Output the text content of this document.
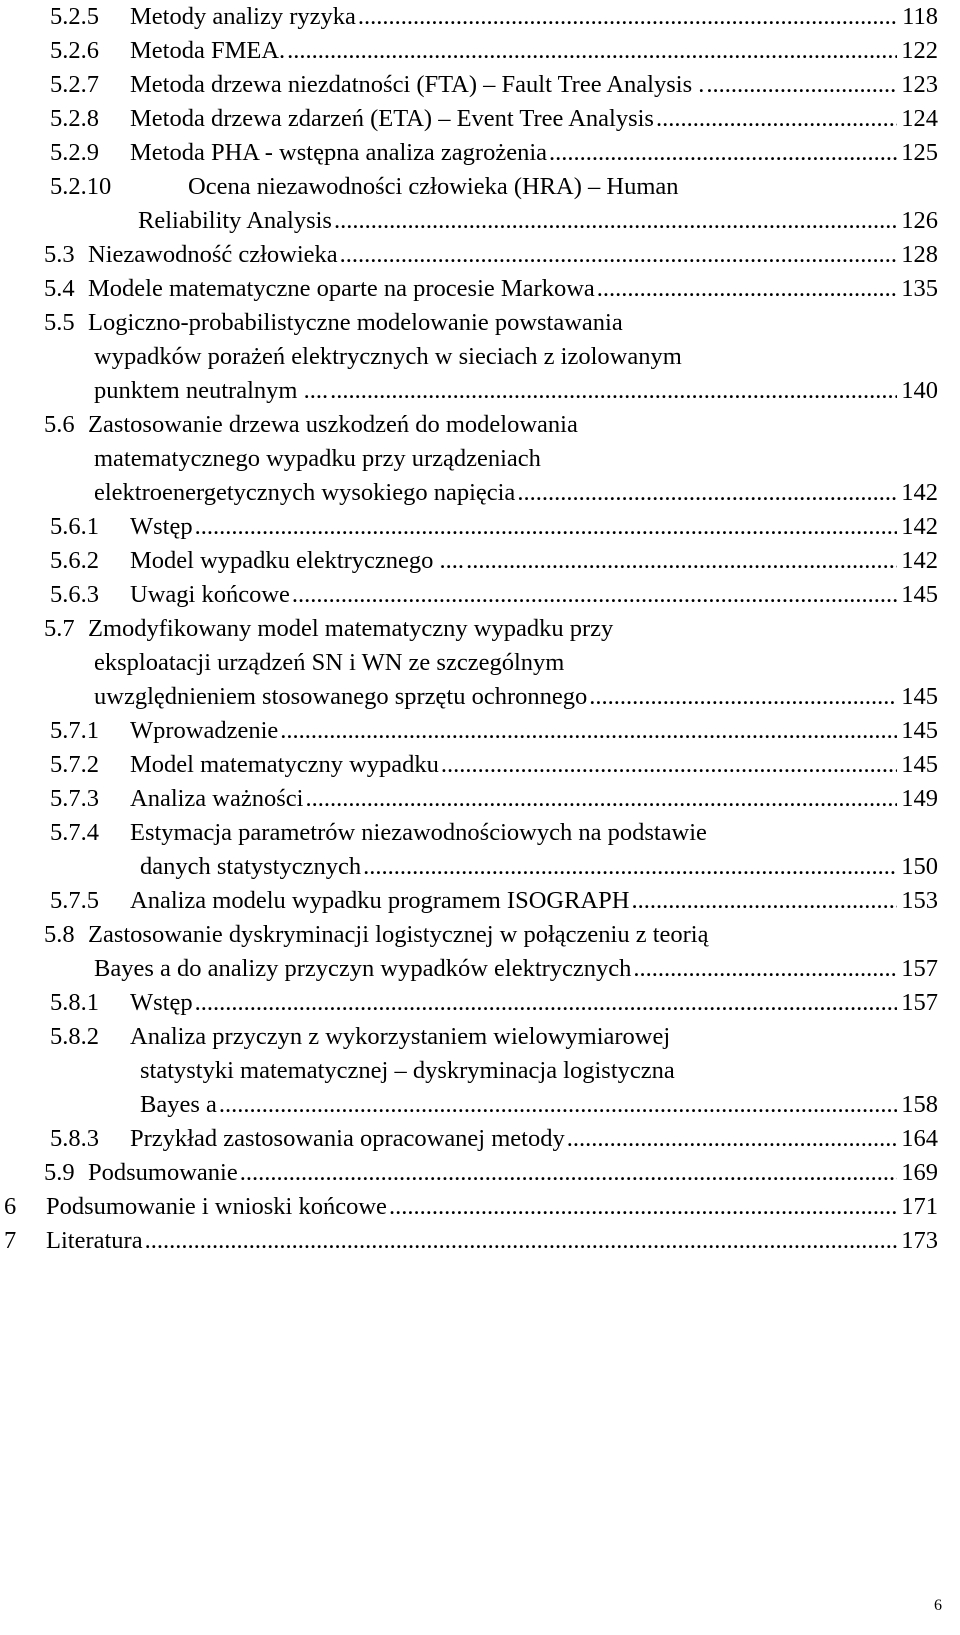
5.2.5 Metody analizy ryzyka .....	118
5.2.6 Metoda FMEA. .....	122
5.2.7 Metoda drzewa niezdatności (FTA) – Fault Tree Analysis . .....	123
5.2.8 Metoda drzewa zdarzeń (ETA) – Event Tree Analysis .....	124
5.2.9 Metoda PHA - wstępna analiza zagrożenia .....	125
5.2.10	Ocena niezawodności człowieka (HRA) – Human
Reliability Analysis .....	126
5.3 Niezawodność człowieka .....	128
5.4 Modele matematyczne oparte na procesie Markowa .....	135
5.5 Logiczno-probabilistyczne modelowanie powstawania
wypadków porażeń elektrycznych w sieciach z izolowanym
punktem neutralnym .... .....	140
5.6 Zastosowanie drzewa uszkodzeń do modelowania
matematycznego wypadku przy urządzeniach
elektroenergetycznych wysokiego napięcia .....	142
5.6.1 Wstęp .....	142
5.6.2 Model wypadku elektrycznego .... .....	142
5.6.3 Uwagi końcowe .....	145
5.7 Zmodyfikowany model matematyczny wypadku przy
eksploatacji urządzeń SN i WN ze szczególnym
uwzględnieniem stosowanego sprzętu ochronnego .....	145
5.7.1 Wprowadzenie .....	145
5.7.2 Model matematyczny wypadku .....	145
5.7.3 Analiza ważności .....	149
5.7.4 Estymacja parametrów niezawodnościowych na podstawie
danych statystycznych .....	150
5.7.5 Analiza modelu wypadku programem ISOGRAPH .....	153
5.8 Zastosowanie dyskryminacji logistycznej w połączeniu z teorią
Bayes a do analizy przyczyn wypadków elektrycznych .....	157
5.8.1 Wstęp .....	157
5.8.2 Analiza przyczyn z wykorzystaniem wielowymiarowej
statystyki matematycznej – dyskryminacja logistyczna
Bayes a .....	158
5.8.3 Przykład zastosowania opracowanej metody .....	164
5.9 Podsumowanie .....	169
6 Podsumowanie i wnioski końcowe .....	171
7 Literatura .....	173
6
